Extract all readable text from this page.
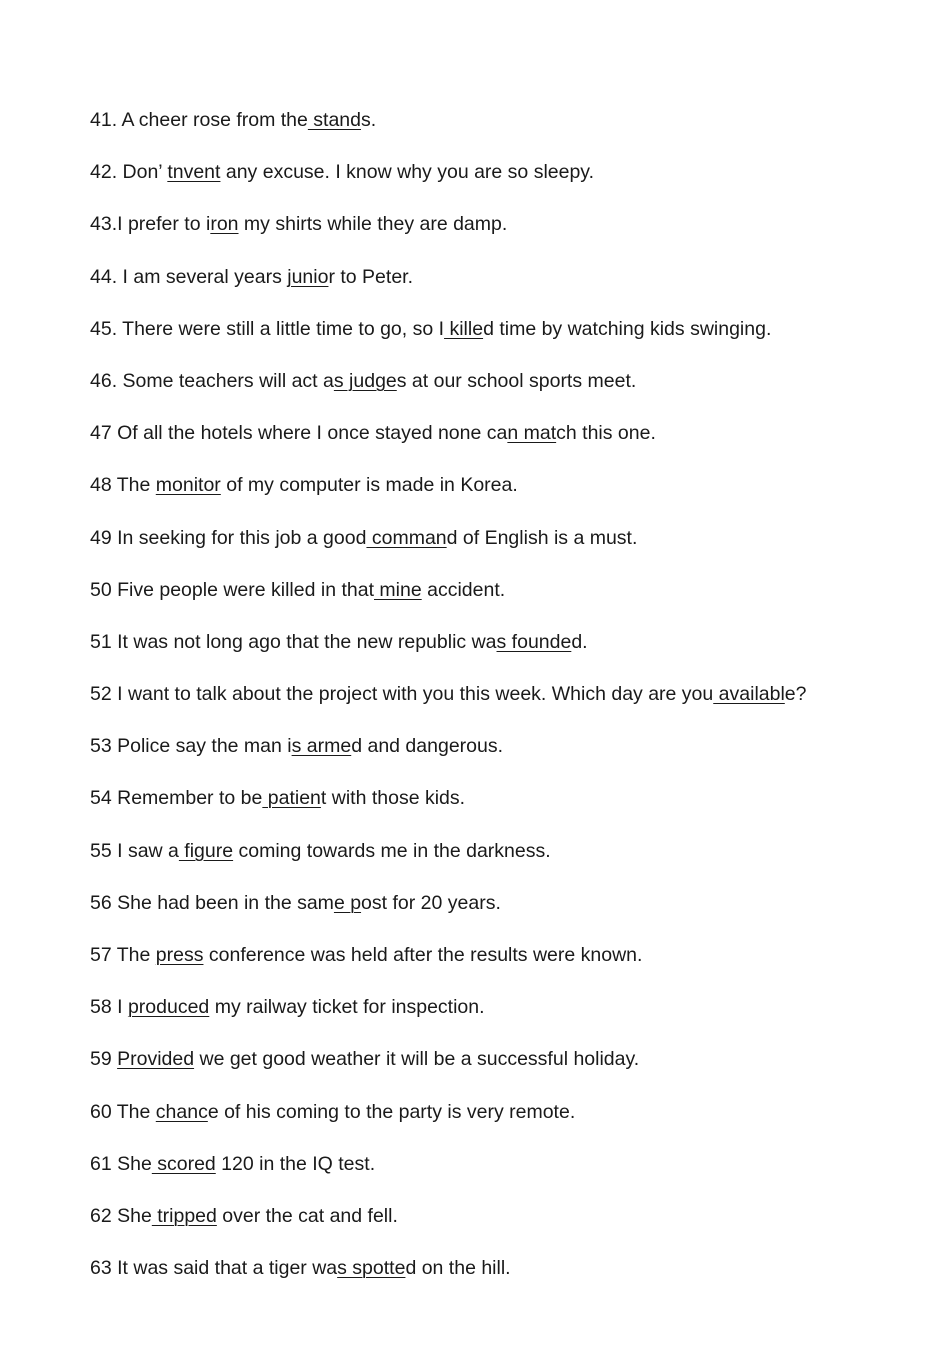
41. A cheer rose from the stands.
42. Don’ tnvent any excuse. I know why you are so sleepy.
43.I prefer to iron my shirts while they are damp.
44. I am several years junior to Peter.
45. There were still a little time to go, so I killed time by watching kids swinging.
46. Some teachers will act as judges at our school sports meet.
47 Of all the hotels where I once stayed none can match this one.
48 The monitor of my computer is made in Korea.
49 In seeking for this job a good command of English is a must.
50 Five people were killed in that mine accident.
51 It was not long ago that the new republic was founded.
52 I want to talk about the project with you this week. Which day are you available?
53 Police say the man is armed and dangerous.
54 Remember to be patient with those kids.
55 I saw a figure coming towards me in the darkness.
56 She had been in the same post for 20 years.
57 The press conference was held after the results were known.
58 I produced my railway ticket for inspection.
59 Provided we get good weather it will be a successful holiday.
60 The chance of his coming to the party is very remote.
61 She scored 120 in the IQ test.
62 She tripped over the cat and fell.
63 It was said that a tiger was spotted on the hill.
